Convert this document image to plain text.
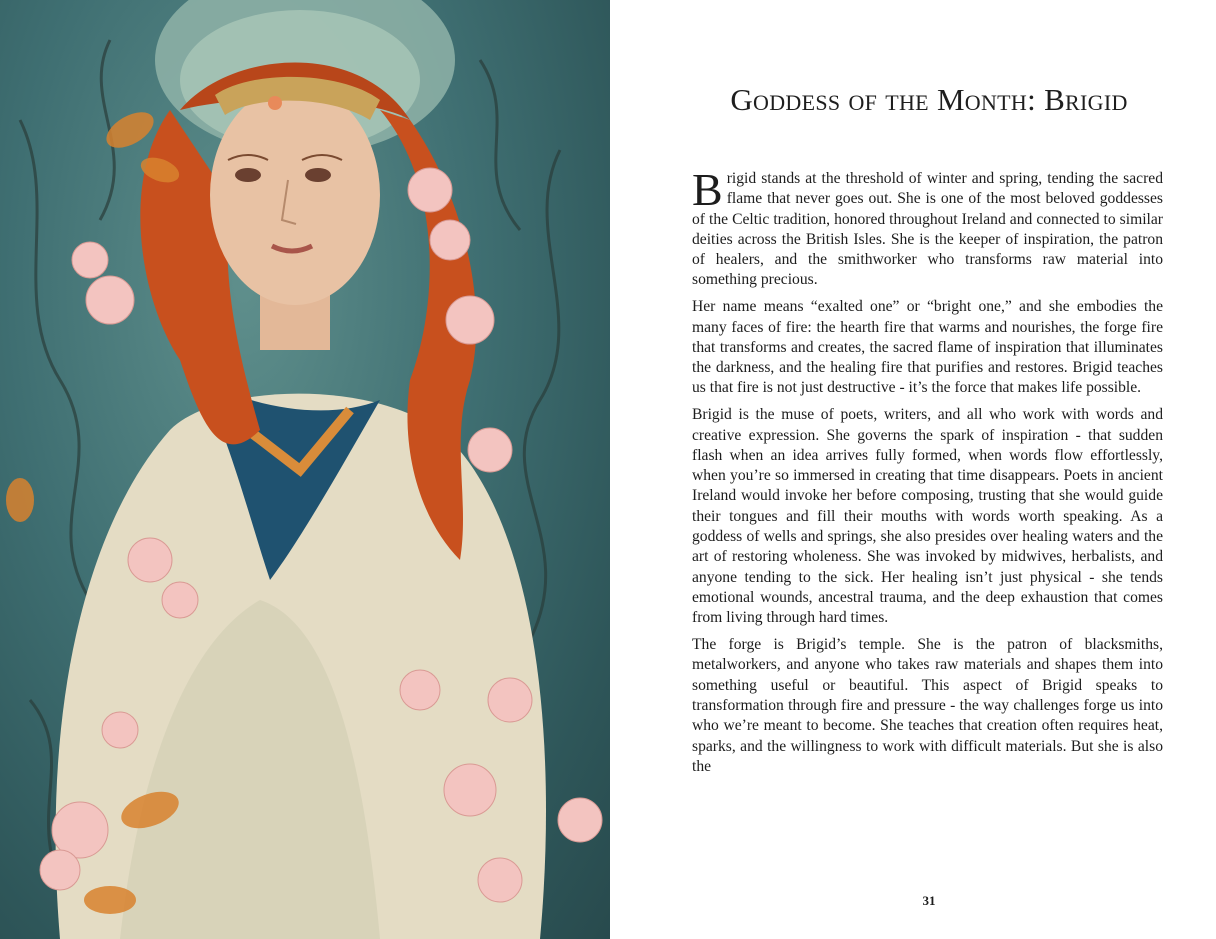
Goddess of the Month: Brigid

Brigid stands at the threshold of winter and spring, tending the sacred flame that never goes out. She is one of the most beloved goddesses of the Celtic tradition, honored throughout Ireland and connected to similar deities across the British Isles. She is the keeper of inspiration, the patron of healers, and the smithworker who transforms raw material into something precious.

Her name means “exalted one” or “bright one,” and she embodies the many faces of fire: the hearth fire that warms and nourishes, the forge fire that transforms and creates, the sacred flame of inspiration that illuminates the darkness, and the healing fire that purifies and restores. Brigid teaches us that fire is not just destructive - it’s the force that makes life possible.

Brigid is the muse of poets, writers, and all who work with words and creative expression. She governs the spark of inspiration - that sudden flash when an idea arrives fully formed, when words flow effortlessly, when you’re so immersed in creating that time disappears. Poets in ancient Ireland would invoke her before composing, trusting that she would guide their tongues and fill their mouths with words worth speaking. As a goddess of wells and springs, she also presides over healing waters and the art of restoring wholeness. She was invoked by midwives, herbalists, and anyone tending to the sick. Her healing isn’t just physical - she tends emotional wounds, ancestral trauma, and the deep exhaustion that comes from living through hard times.

The forge is Brigid’s temple. She is the patron of blacksmiths, metalworkers, and anyone who takes raw materials and shapes them into something useful or beautiful. This aspect of Brigid speaks to transformation through fire and pressure - the way challenges forge us into who we’re meant to become. She teaches that creation often requires heat, sparks, and the willingness to work with difficult materials. But she is also the

31
